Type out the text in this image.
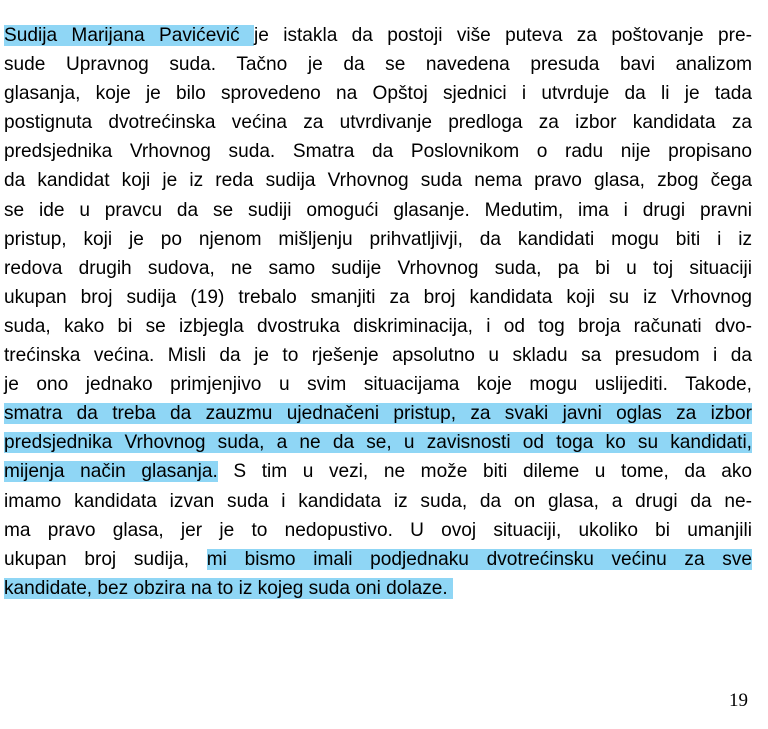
Sudija Marijana Pavićević je istakla da postoji više puteva za poštovanje pre-
sude Upravnog suda. Tačno je da se navedena presuda bavi analizom
glasanja, koje je bilo sprovedeno na Opštoj sjednici i utvrduje da li je tada
postignuta dvotrećinska većina za utvrdivanje predloga za izbor kandidata za
predsjednika Vrhovnog suda. Smatra da Poslovnikom o radu nije propisano
da kandidat koji je iz reda sudija Vrhovnog suda nema pravo glasa, zbog čega
se ide u pravcu da se sudiji omogući glasanje. Medutim, ima i drugi pravni
pristup, koji je po njenom mišljenju prihvatljivji, da kandidati mogu biti i iz
redova drugih sudova, ne samo sudije Vrhovnog suda, pa bi u toj situaciji
ukupan broj sudija (19) trebalo smanjiti za broj kandidata koji su iz Vrhovnog
suda, kako bi se izbjegla dvostruka diskriminacija, i od tog broja računati dvo-
trećinska većina. Misli da je to rješenje apsolutno u skladu sa presudom i da
je ono jednako primjenjivo u svim situacijama koje mogu uslijediti. Takode,
smatra da treba da zauzmu ujednačeni pristup, za svaki javni oglas za izbor
predsjednika Vrhovnog suda, a ne da se, u zavisnosti od toga ko su kandidati,
mijenja način glasanja. S tim u vezi, ne može biti dileme u tome, da ako
imamo kandidata izvan suda i kandidata iz suda, da on glasa, a drugi da ne-
ma pravo glasa, jer je to nedopustivo. U ovoj situaciji, ukoliko bi umanjili
ukupan broj sudija, mi bismo imali podjednaku dvotrećinsku većinu za sve
kandidate, bez obzira na to iz kojeg suda oni dolaze.
19
